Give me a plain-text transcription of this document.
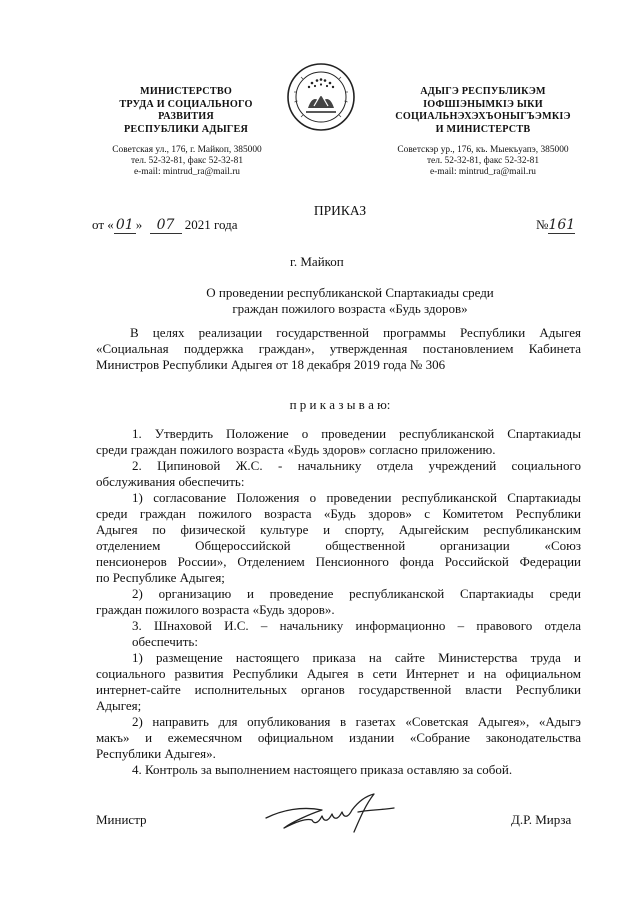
МИНИСТЕРСТВО
ТРУДА И СОЦИАЛЬНОГО
РАЗВИТИЯ
РЕСПУБЛИКИ АДЫГЕЯ
Советская ул., 176, г. Майкоп, 385000
тел. 52-32-81, факс 52-32-81
e-mail: mintrud_ra@mail.ru
АДЫГЭ РЕСПУБЛИКЭМ
ІОФШІЭНЫМКІЭ ЫКИ
СОЦИАЛЬНЭХЭХЪОНЫГЪЭМКІЭ
И МИНИСТЕРСТВ
Советскэр ур., 176, къ. Мыекъуапэ, 385000
тел. 52-32-81, факс 52-32-81
e-mail: mintrud_ra@mail.ru
ПРИКАЗ
от « 01 » 07 2021 года	№161
г. Майкоп
О проведении республиканской Спартакиады среди
граждан пожилого возраста «Будь здоров»
В целях реализации государственной программы Республики Адыгея
«Социальная поддержка граждан», утвержденная постановлением Кабинета
Министров Республики Адыгея от 18 декабря 2019 года № 306
п р и к а з ы в а ю:
1. Утвердить Положение о проведении республиканской Спартакиады
среди граждан пожилого возраста «Будь здоров» согласно приложению.
2. Ципиновой Ж.С. - начальнику отдела учреждений социального
обслуживания обеспечить:
1) согласование Положения о проведении республиканской Спартакиады
среди граждан пожилого возраста «Будь здоров» с Комитетом Республики
Адыгея по физической культуре и спорту, Адыгейским республиканским
отделением Общероссийской общественной организации «Союз
пенсионеров России», Отделением Пенсионного фонда Российской Федерации
по Республике Адыгея;
2) организацию и проведение республиканской Спартакиады среди
граждан пожилого возраста «Будь здоров».
3. Шнаховой И.С. – начальнику информационно – правового отдела
обеспечить:
1) размещение настоящего приказа на сайте Министерства труда и
социального развития Республики Адыгея в сети Интернет и на официальном
интернет-сайте исполнительных органов государственной власти Республики
Адыгея;
2) направить для опубликования в газетах «Советская Адыгея», «Адыгэ
макъ» и ежемесячном официальном издании «Собрание законодательства
Республики Адыгея».
4. Контроль за выполнением настоящего приказа оставляю за собой.
Министр	Д.Р. Мирза
